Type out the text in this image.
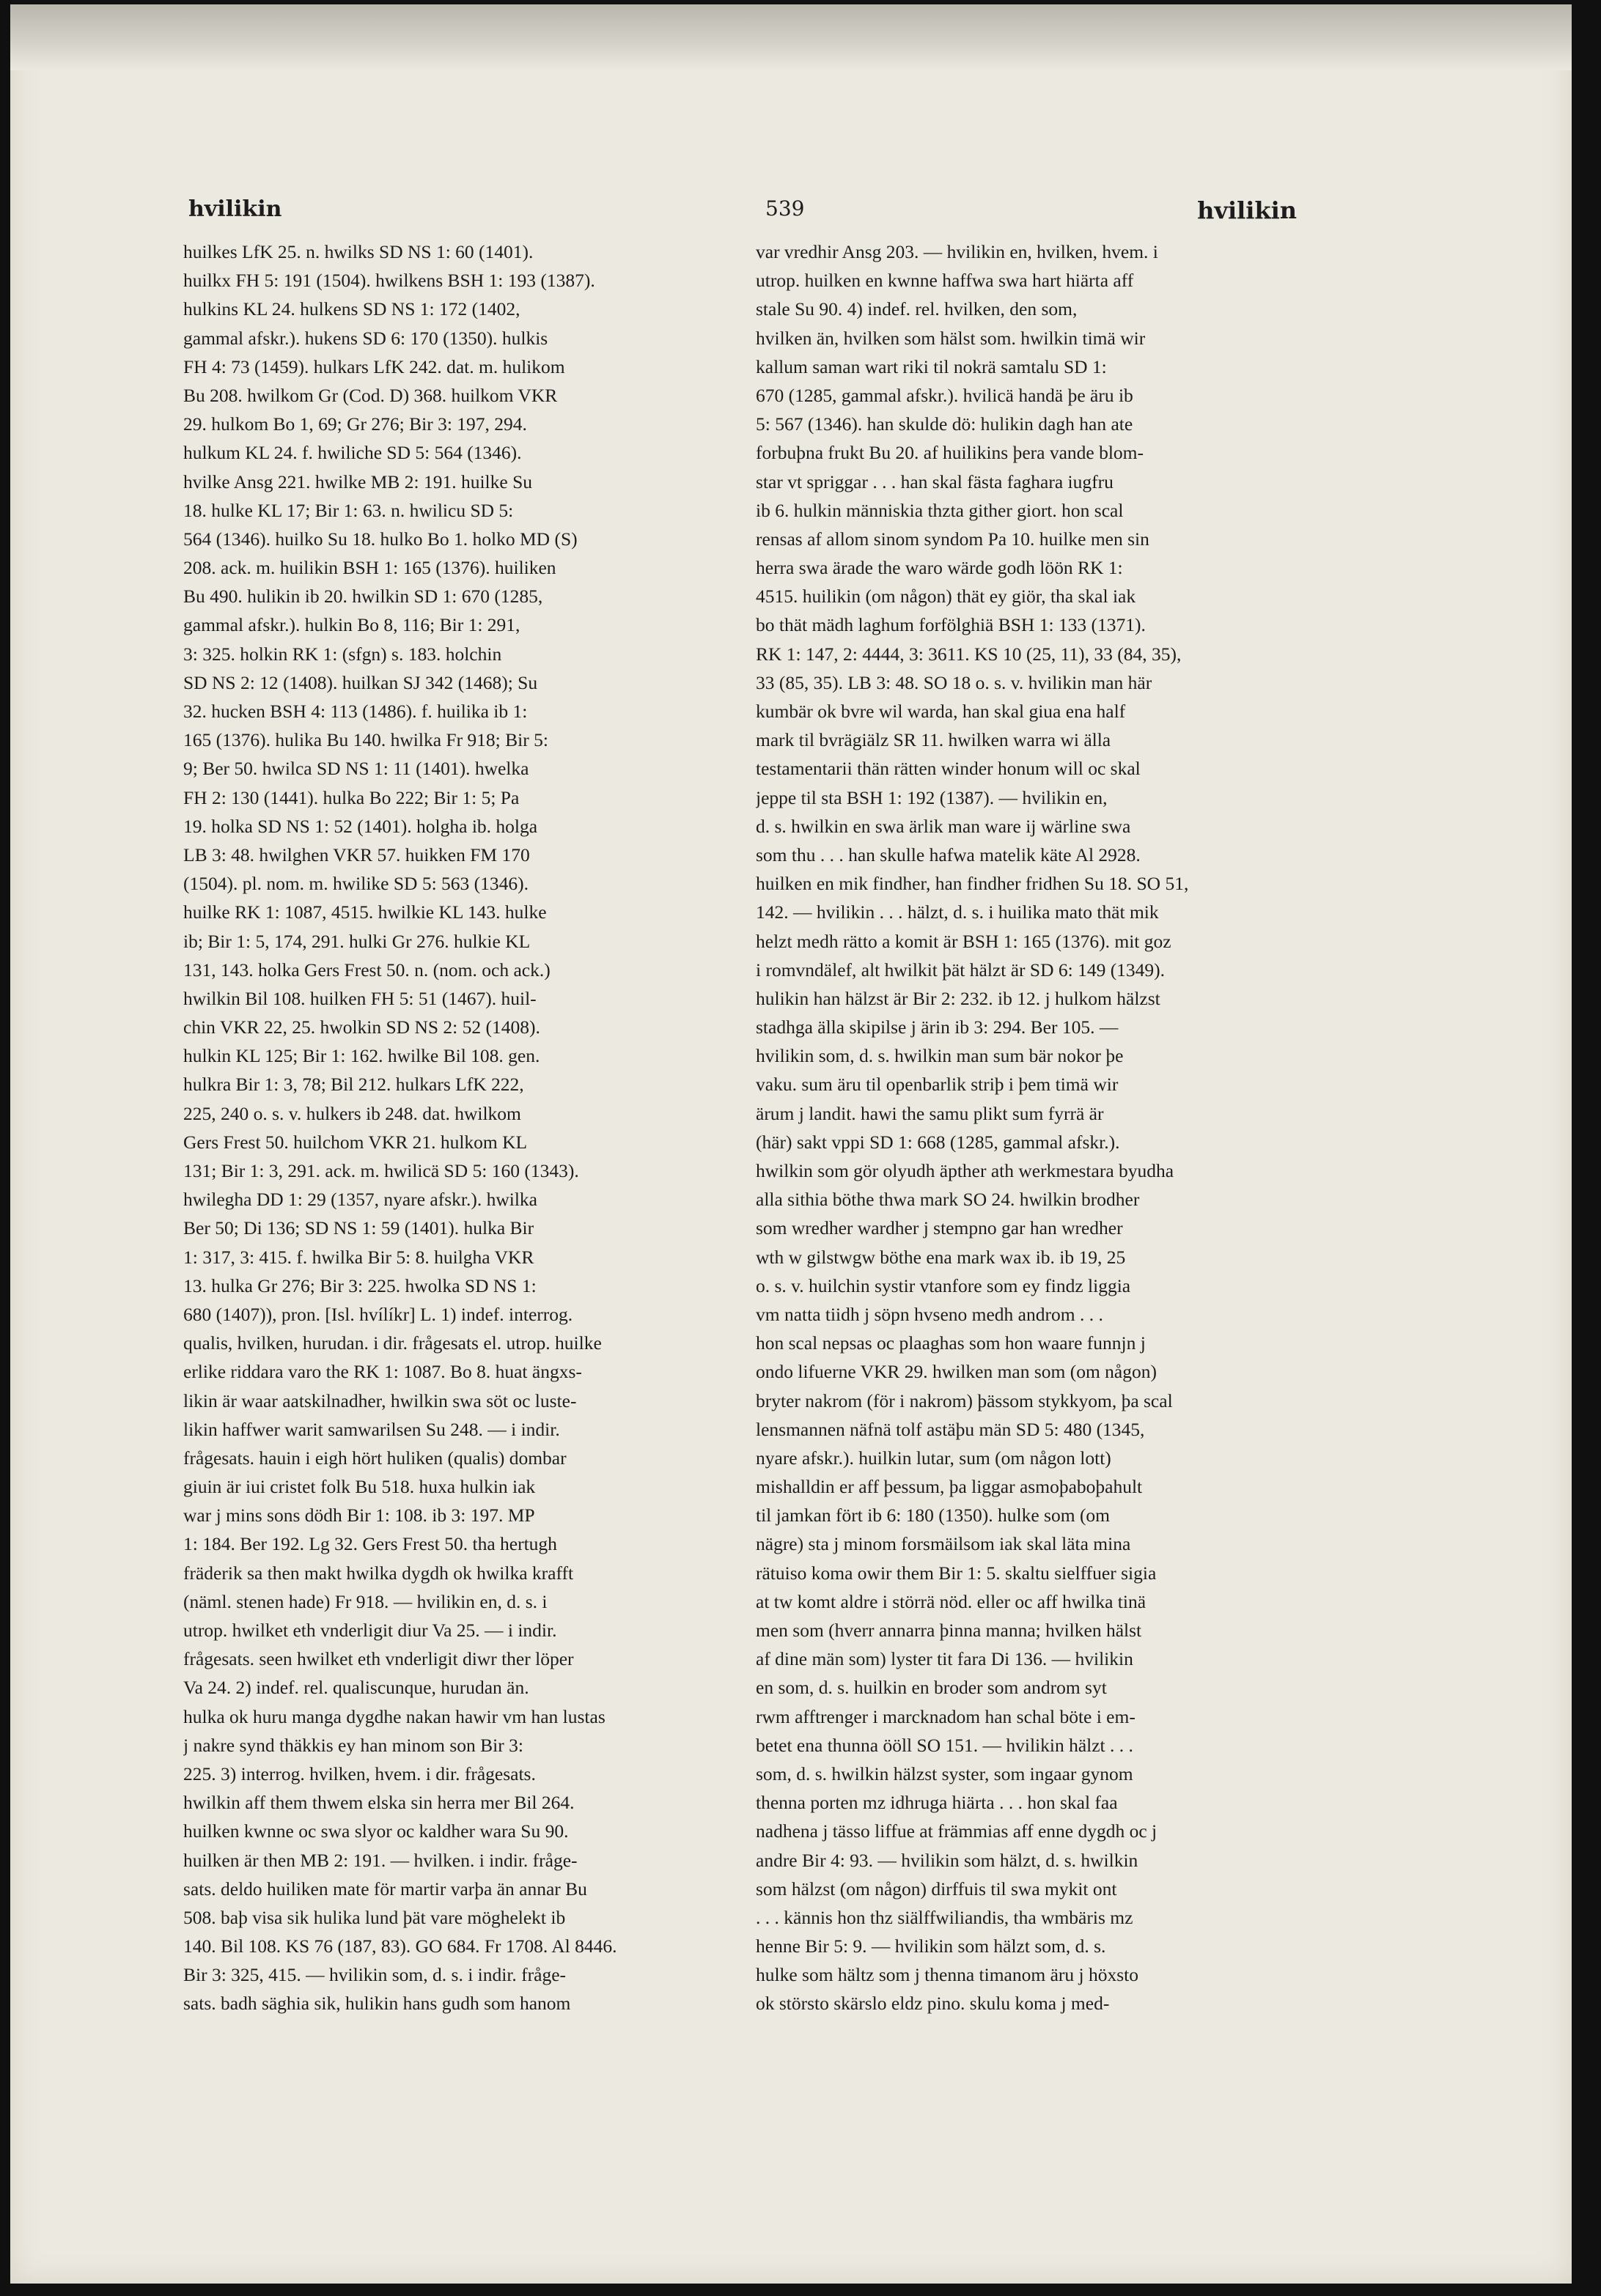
hvilikin	539	hvilikin
huilkes LfK 25. n. hwilks SD NS 1: 60 (1401).
huilkx FH 5: 191 (1504). hwilkens BSH 1: 193 (1387).
hulkins KL 24. hulkens SD NS 1: 172 (1402,
gammal afskr.). hukens SD 6: 170 (1350). hulkis
FH 4: 73 (1459). hulkars LfK 242. dat. m. hulikom
Bu 208. hwilkom Gr (Cod. D) 368. huilkom VKR
29. hulkom Bo 1, 69; Gr 276; Bir 3: 197, 294.
hulkum KL 24. f. hwiliche SD 5: 564 (1346).
hvilke Ansg 221. hwilke MB 2: 191. huilke Su
18. hulke KL 17; Bir 1: 63. n. hwilicu SD 5:
564 (1346). huilko Su 18. hulko Bo 1. holko MD (S)
208. ack. m. huilikin BSH 1: 165 (1376). huiliken
Bu 490. hulikin ib 20. hwilkin SD 1: 670 (1285,
gammal afskr.). hulkin Bo 8, 116; Bir 1: 291,
3: 325. holkin RK 1: (sfgn) s. 183. holchin
SD NS 2: 12 (1408). huilkan SJ 342 (1468); Su
32. hucken BSH 4: 113 (1486). f. huilika ib 1:
165 (1376). hulika Bu 140. hwilka Fr 918; Bir 5:
9; Ber 50. hwilca SD NS 1: 11 (1401). hwelka
FH 2: 130 (1441). hulka Bo 222; Bir 1: 5; Pa
19. holka SD NS 1: 52 (1401). holgha ib. holga
LB 3: 48. hwilghen VKR 57. huikken FM 170
(1504). pl. nom. m. hwilike SD 5: 563 (1346).
huilke RK 1: 1087, 4515. hwilkie KL 143. hulke
ib; Bir 1: 5, 174, 291. hulki Gr 276. hulkie KL
131, 143. holka Gers Frest 50. n. (nom. och ack.)
hwilkin Bil 108. huilken FH 5: 51 (1467). huil-
chin VKR 22, 25. hwolkin SD NS 2: 52 (1408).
hulkin KL 125; Bir 1: 162. hwilke Bil 108. gen.
hulkra Bir 1: 3, 78; Bil 212. hulkars LfK 222,
225, 240 o. s. v. hulkers ib 248. dat. hwilkom
Gers Frest 50. huilchom VKR 21. hulkom KL
131; Bir 1: 3, 291. ack. m. hwilicä SD 5: 160 (1343).
hwilegha DD 1: 29 (1357, nyare afskr.). hwilka
Ber 50; Di 136; SD NS 1: 59 (1401). hulka Bir
1: 317, 3: 415. f. hwilka Bir 5: 8. huilgha VKR
13. hulka Gr 276; Bir 3: 225. hwolka SD NS 1:
680 (1407)), pron. [Isl. hvílíkr] L. 1) indef. interrog.
qualis, hvilken, hurudan. i dir. frågesats el. utrop. huilke
erlike riddara varo the RK 1: 1087. Bo 8. huat ängxs-
likin är waar aatskilnadher, hwilkin swa söt oc luste-
likin haffwer warit samwarilsen Su 248. — i indir.
frågesats. hauin i eigh hört huliken (qualis) dombar
giuin är iui cristet folk Bu 518. huxa hulkin iak
war j mins sons dödh Bir 1: 108. ib 3: 197. MP
1: 184. Ber 192. Lg 32. Gers Frest 50. tha hertugh
fräderik sa then makt hwilka dygdh ok hwilka krafft
(näml. stenen hade) Fr 918. — hvilikin en, d. s. i
utrop. hwilket eth vnderligit diur Va 25. — i indir.
frågesats. seen hwilket eth vnderligit diwr ther löper
Va 24. 2) indef. rel. qualiscunque, hurudan än.
hulka ok huru manga dygdhe nakan hawir vm han lustas
j nakre synd thäkkis ey han minom son Bir 3:
225. 3) interrog. hvilken, hvem. i dir. frågesats.
hwilkin aff them thwem elska sin herra mer Bil 264.
huilken kwnne oc swa slyor oc kaldher wara Su 90.
huilken är then MB 2: 191. — hvilken. i indir. fråge-
sats. deldo huiliken mate för martir varþa än annar Bu
508. baþ visa sik hulika lund þät vare möghelekt ib
140. Bil 108. KS 76 (187, 83). GO 684. Fr 1708. Al 8446.
Bir 3: 325, 415. — hvilikin som, d. s. i indir. fråge-
sats. badh säghia sik, hulikin hans gudh som hanom
var vredhir Ansg 203. — hvilikin en, hvilken, hvem. i
utrop. huilken en kwnne haffwa swa hart hiärta aff
stale Su 90. 4) indef. rel. hvilken, den som,
hvilken än, hvilken som hälst som. hwilkin timä wir
kallum saman wart riki til nokrä samtalu SD 1:
670 (1285, gammal afskr.). hvilicä handä þe äru ib
5: 567 (1346). han skulde dö: hulikin dagh han ate
forbuþna frukt Bu 20. af huilikins þera vande blom-
star vt spriggar . . . han skal fästa faghara iugfru
ib 6. hulkin människia thzta gither giort. hon scal
rensas af allom sinom syndom Pa 10. huilke men sin
herra swa ärade the waro wärde godh löön RK 1:
4515. huilikin (om någon) thät ey giör, tha skal iak
bo thät mädh laghum forfölghiä BSH 1: 133 (1371).
RK 1: 147, 2: 4444, 3: 3611. KS 10 (25, 11), 33 (84, 35),
33 (85, 35). LB 3: 48. SO 18 o. s. v. hvilikin man här
kumbär ok bvre wil warda, han skal giua ena half
mark til bvrägiälz SR 11. hwilken warra wi älla
testamentarii thän rätten winder honum will oc skal
jeppe til sta BSH 1: 192 (1387). — hvilikin en,
d. s. hwilkin en swa ärlik man ware ij wärline swa
som thu . . . han skulle hafwa matelik käte Al 2928.
huilken en mik findher, han findher fridhen Su 18. SO 51,
142. — hvilikin . . . hälzt, d. s. i huilika mato thät mik
helzt medh rätto a komit är BSH 1: 165 (1376). mit goz
i romvndälef, alt hwilkit þät hälzt är SD 6: 149 (1349).
hulikin han hälzst är Bir 2: 232. ib 12. j hulkom hälzst
stadhga älla skipilse j ärin ib 3: 294. Ber 105. —
hvilikin som, d. s. hwilkin man sum bär nokor þe
vaku. sum äru til openbarlik striþ i þem timä wir
ärum j landit. hawi the samu plikt sum fyrrä är
(här) sakt vppi SD 1: 668 (1285, gammal afskr.).
hwilkin som gör olyudh äpther ath werkmestara byudha
alla sithia böthe thwa mark SO 24. hwilkin brodher
som wredher wardher j stempno gar han wredher
wth w gilstwgw böthe ena mark wax ib. ib 19, 25
o. s. v. huilchin systir vtanfore som ey findz liggia
vm natta tiidh j söpn hvseno medh androm . . .
hon scal nepsas oc plaaghas som hon waare funnjn j
ondo lifuerne VKR 29. hwilken man som (om någon)
bryter nakrom (för i nakrom) þässom stykkyom, þa scal
lensmannen näfnä tolf astäþu män SD 5: 480 (1345,
nyare afskr.). huilkin lutar, sum (om någon lott)
mishalldin er aff þessum, þa liggar asmoþaboþahult
til jamkan fört ib 6: 180 (1350). hulke som (om
nägre) sta j minom forsmäilsom iak skal läta mina
rätuiso koma owir them Bir 1: 5. skaltu sielffuer sigia
at tw komt aldre i störrä nöd. eller oc aff hwilka tinä
men som (hverr annarra þinna manna; hvilken hälst
af dine män som) lyster tit fara Di 136. — hvilikin
en som, d. s. huilkin en broder som androm syt
rwm afftrenger i marcknadom han schal böte i em-
betet ena thunna ööll SO 151. — hvilikin hälzt . . .
som, d. s. hwilkin hälzst syster, som ingaar gynom
thenna porten mz idhruga hiärta . . . hon skal faa
nadhena j tässo liffue at främmias aff enne dygdh oc j
andre Bir 4: 93. — hvilikin som hälzt, d. s. hwilkin
som hälzst (om någon) dirffuis til swa mykit ont
. . . kännis hon thz siälffwiliandis, tha wmbäris mz
henne Bir 5: 9. — hvilikin som hälzt som, d. s.
hulke som hältz som j thenna timanom äru j höxsto
ok störsto skärslo eldz pino. skulu koma j med-
